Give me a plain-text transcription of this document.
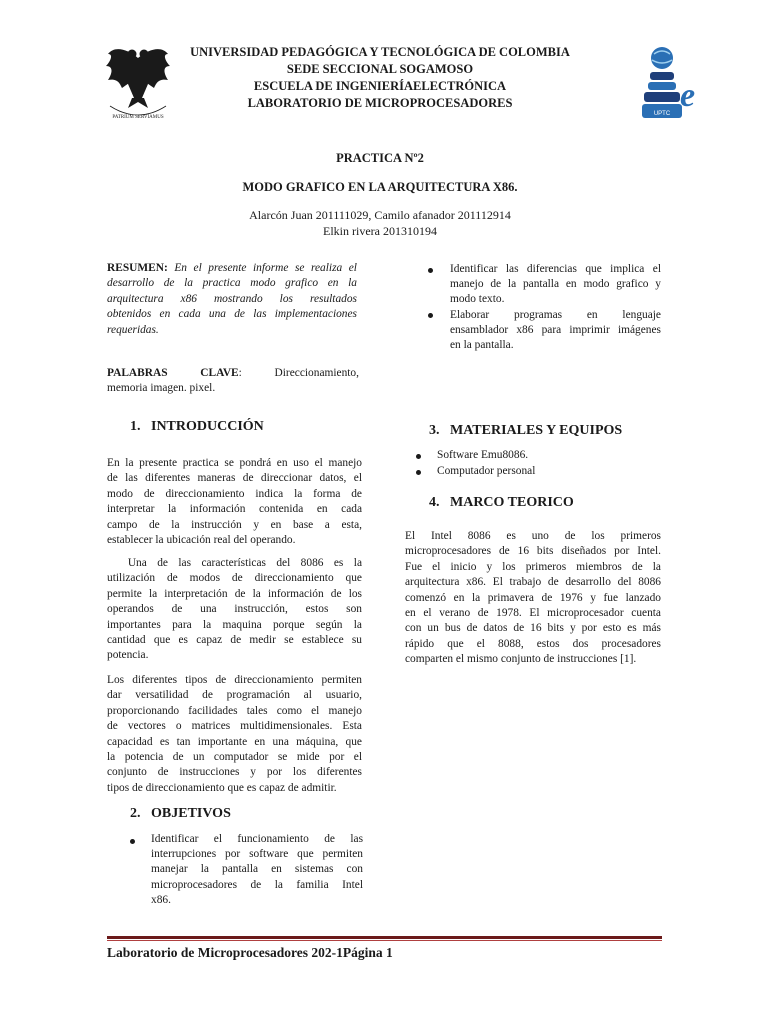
PATRIUM SERVIAMUS
e
UPTC
UNIVERSIDAD PEDAGÓGICA Y TECNOLÓGICA DE COLOMBIA
SEDE SECCIONAL SOGAMOSO
ESCUELA DE INGENIERÍAELECTRÓNICA
LABORATORIO DE MICROPROCESADORES
PRACTICA Nº2
MODO GRAFICO EN LA ARQUITECTURA X86.
Alarcón Juan 201111029, Camilo afanador 201112914
Elkin rivera 201310194
RESUMEN: En el presente informe se realiza el
desarrollo de la practica modo grafico en la
arquitectura x86 mostrando los resultados
obtenidos en cada una de las implementaciones
requeridas.
PALABRAS	CLAVE:	Direccionamiento,
memoria imagen. pixel.
1.   INTRODUCCIÓN
En la presente practica se pondrá en uso el manejo
de las diferentes maneras de direccionar datos, el
modo de direccionamiento indica la forma de
interpretar la información contenida en cada
campo de la instrucción y en base a esta,
establecer la ubicación real del operando.
Una de las características del 8086 es la
utilización de modos de direccionamiento que
permite la interpretación de la información de los
operandos de una instrucción, estos son
importantes para la maquina porque según la
cantidad que es capaz de medir se establece su
potencia.
Los diferentes tipos de direccionamiento permiten
dar versatilidad de programación al usuario,
proporcionando facilidades tales como el manejo
de vectores o matrices multidimensionales. Esta
capacidad es tan importante en una máquina, que
la potencia de un computador se mide por el
conjunto de instrucciones y por los diferentes
tipos de direccionamiento que es capaz de admitir.
2.   OBJETIVOS
Identificar el funcionamiento de las
interrupciones por software que permiten
manejar la pantalla en sistemas con
microprocesadores de la familia Intel
x86.
Identificar las diferencias que implica el
manejo de la pantalla en modo grafico y
modo texto.
Elaborar programas en lenguaje
ensamblador x86 para imprimir imágenes
en la pantalla.
3.   MATERIALES Y EQUIPOS
Software Emu8086.
Computador personal
4.   MARCO TEORICO
El Intel 8086 es uno de los primeros
microprocesadores de 16 bits diseñados por Intel.
Fue el inicio y los primeros miembros de la
arquitectura x86. El trabajo de desarrollo del 8086
comenzó en la primavera de 1976 y fue lanzado
en el verano de 1978. El microprocesador cuenta
con un bus de datos de 16 bits y por esto es más
rápido que el 8088, estos dos procesadores
comparten el mismo conjunto de instrucciones [1].
Laboratorio de Microprocesadores 202-1Página 1
